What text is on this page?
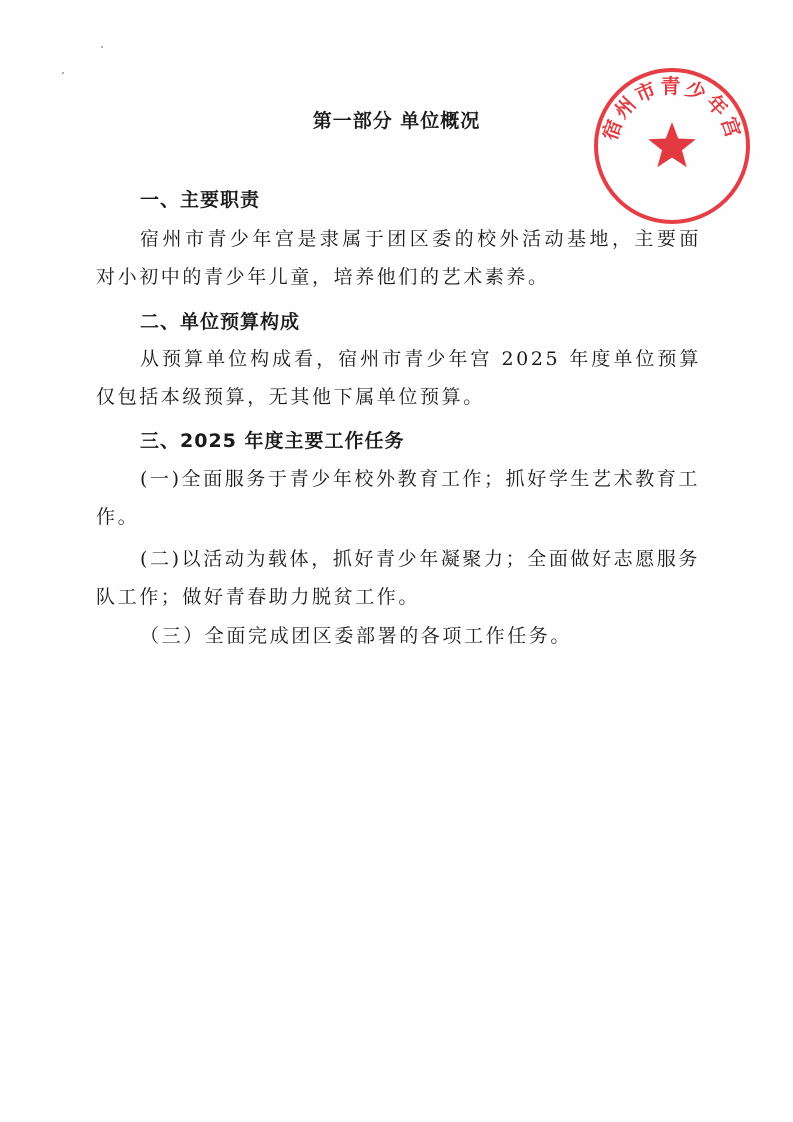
第一部分 单位概况
一、主要职责

宿州市青少年宫是隶属于团区委的校外活动基地，主要面对小初中的青少年儿童，培养他们的艺术素养。

二、单位预算构成

从预算单位构成看，宿州市青少年宫 2025 年度单位预算仅包括本级预算，无其他下属单位预算。

三、2025 年度主要工作任务

(一)全面服务于青少年校外教育工作；抓好学生艺术教育工作。

(二)以活动为载体，抓好青少年凝聚力；全面做好志愿服务队工作；做好青春助力脱贫工作。

（三）全面完成团区委部署的各项工作任务。

宿州市青少年宫
